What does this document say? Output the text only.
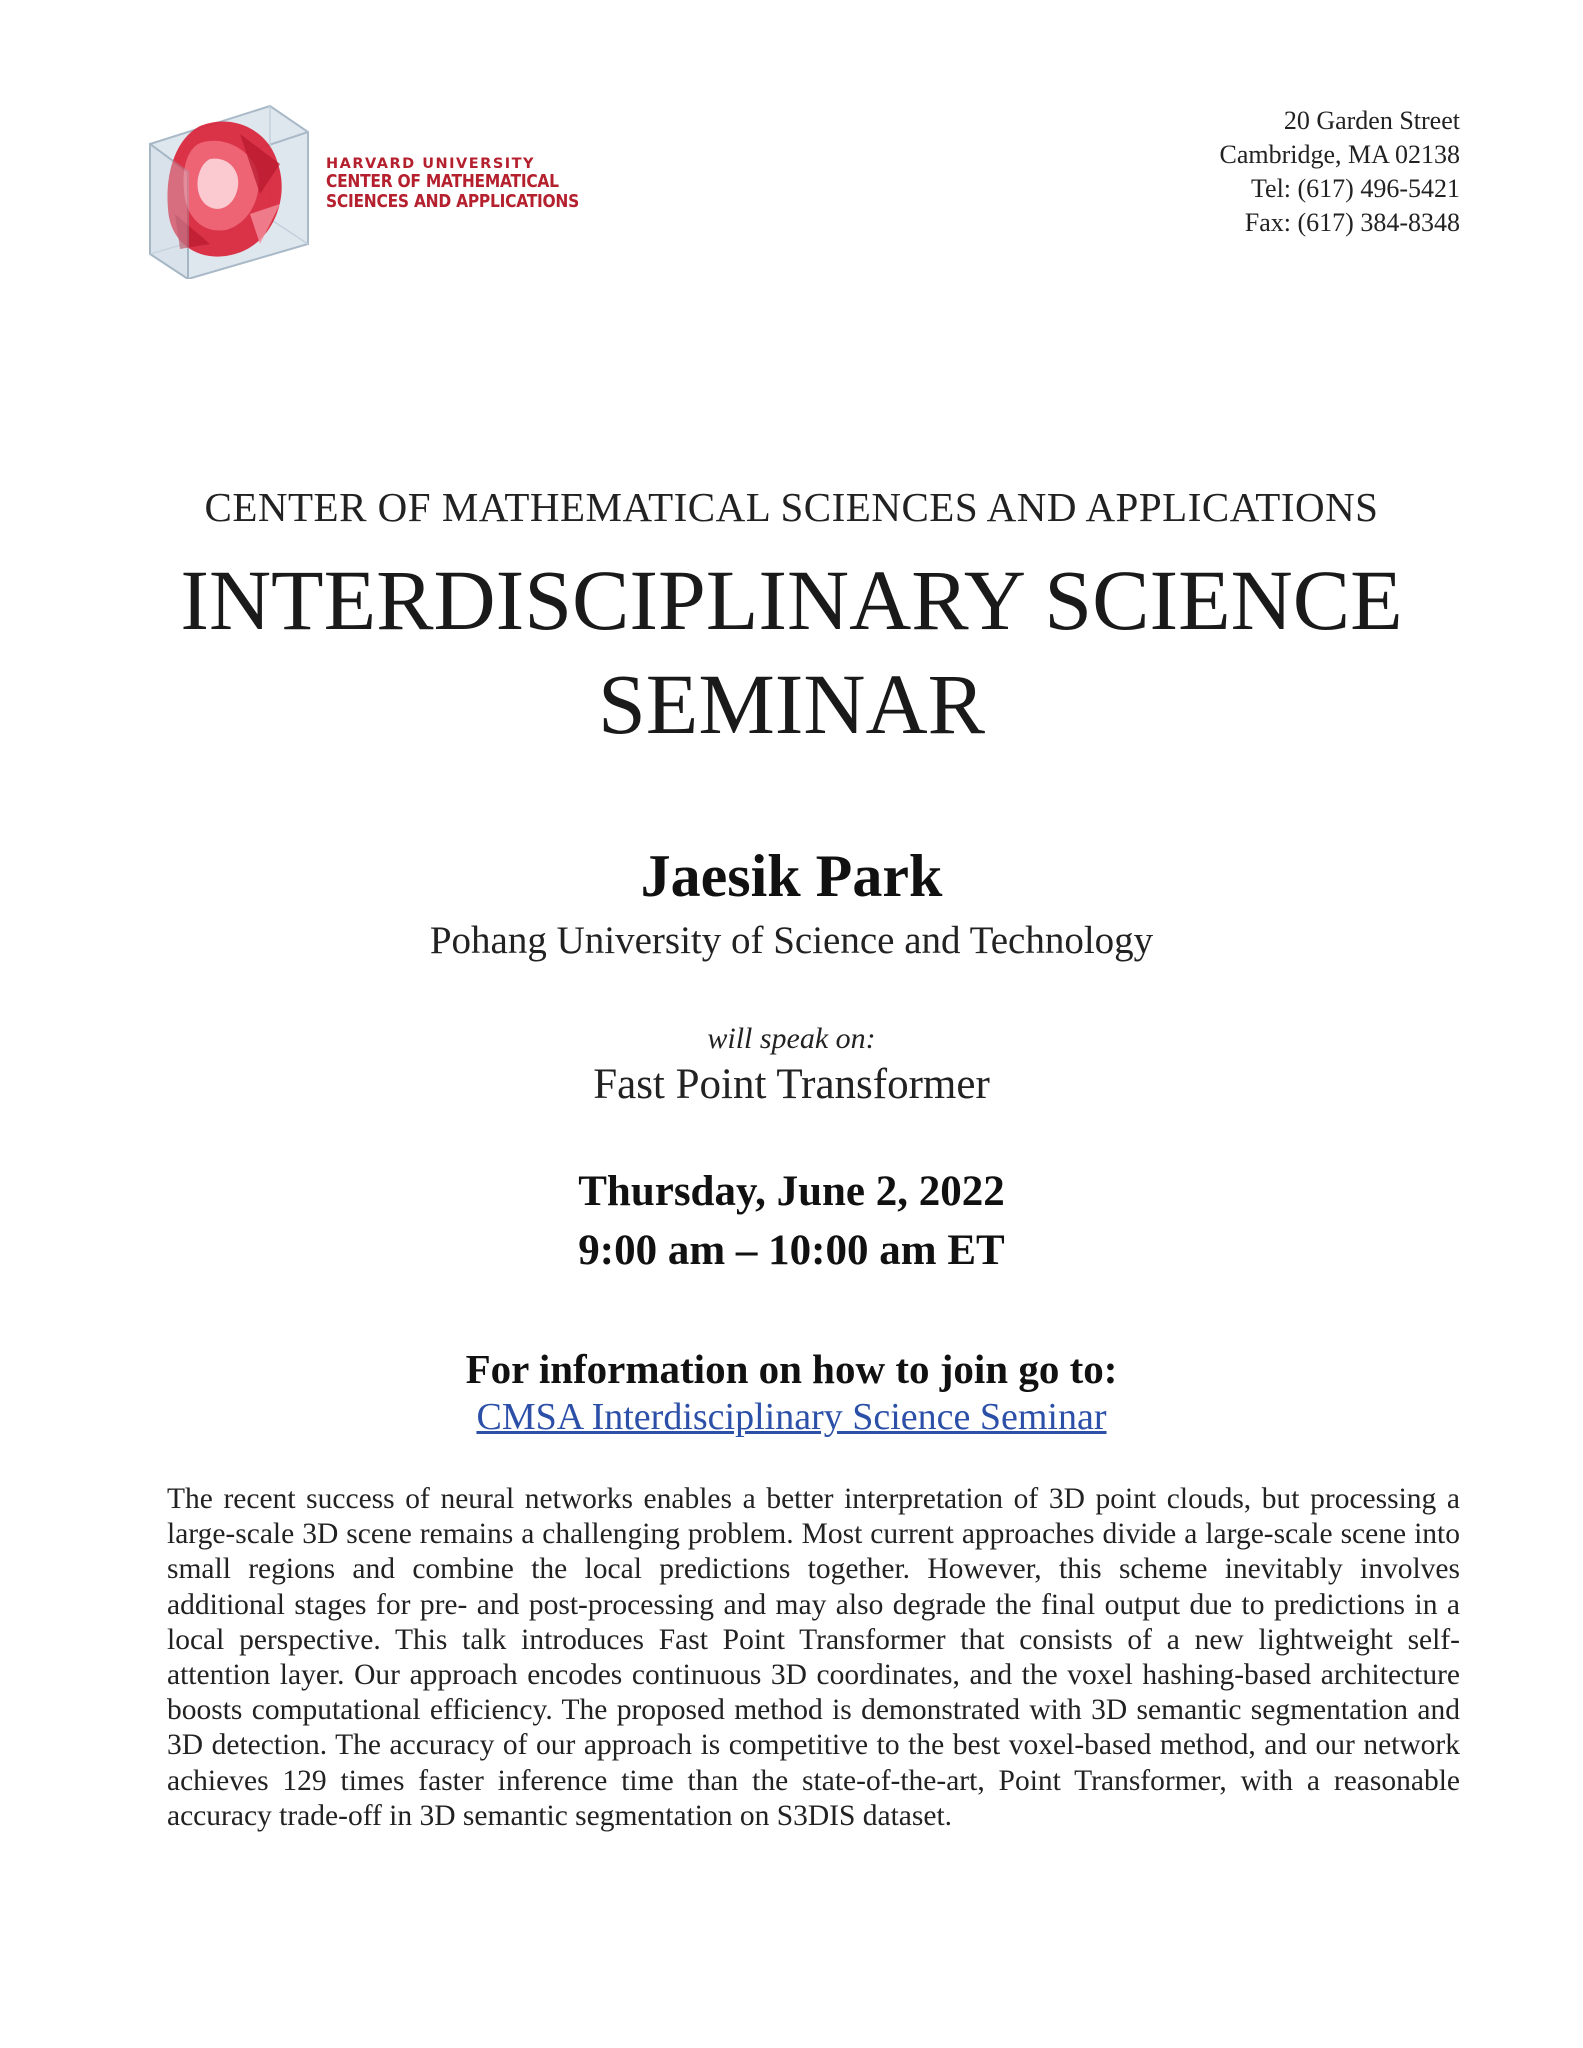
HARVARD UNIVERSITY
CENTER OF MATHEMATICAL
SCIENCES AND APPLICATIONS
20 Garden Street
Cambridge, MA 02138
Tel: (617) 496-5421
Fax: (617) 384-8348
CENTER OF MATHEMATICAL SCIENCES AND APPLICATIONS
INTERDISCIPLINARY SCIENCE
SEMINAR
Jaesik Park
Pohang University of Science and Technology
will speak on:
Fast Point Transformer
Thursday, June 2, 2022
9:00 am – 10:00 am ET
For information on how to join go to:
CMSA Interdisciplinary Science Seminar
The recent success of neural networks enables a better interpretation of 3D point clouds, but processing a large-scale 3D scene remains a challenging problem. Most current approaches divide a large-scale scene into small regions and combine the local predictions together. However, this scheme inevitably involves additional stages for pre- and post-processing and may also degrade the final output due to predictions in a local perspective. This talk introduces Fast Point Transformer that consists of a new lightweight self-attention layer. Our approach encodes continuous 3D coordinates, and the voxel hashing-based architecture boosts computational efficiency. The proposed method is demonstrated with 3D semantic segmentation and 3D detection. The accuracy of our approach is competitive to the best voxel-based method, and our network achieves 129 times faster inference time than the state-of-the-art, Point Transformer, with a reasonable accuracy trade-off in 3D semantic segmentation on S3DIS dataset.
